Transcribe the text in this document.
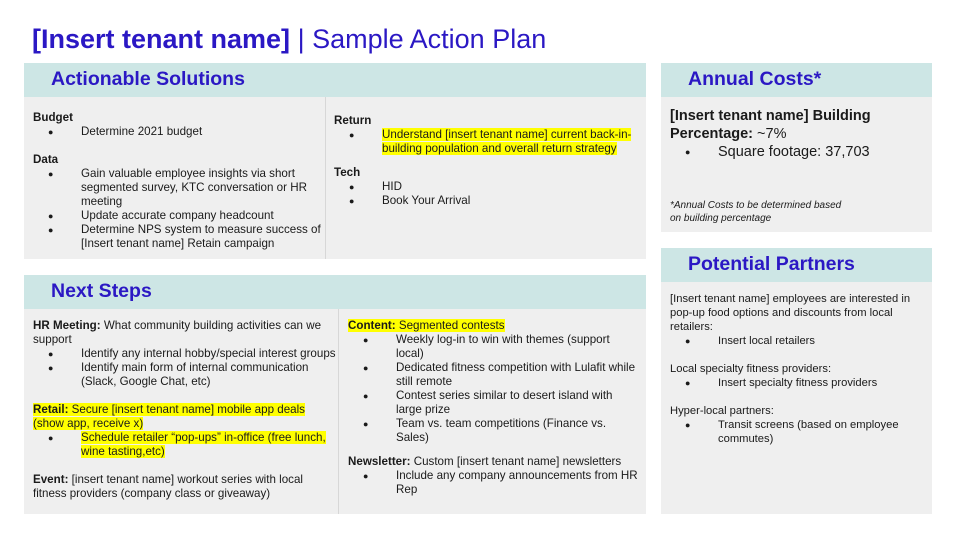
[Insert tenant name] | Sample Action Plan
Actionable Solutions
Budget
● Determine 2021 budget
Data
● Gain valuable employee insights via short segmented survey, KTC conversation or HR meeting
● Update accurate company headcount
● Determine NPS system to measure success of [Insert tenant name] Retain campaign
Return
● Understand [insert tenant name] current back-in-building population and overall return strategy
Tech
● HID
● Book Your Arrival
Next Steps
HR Meeting: What community building activities can we support
● Identify any internal hobby/special interest groups
● Identify main form of internal communication (Slack, Google Chat, etc)
Retail: Secure [insert tenant name] mobile app deals (show app, receive x)
● Schedule retailer “pop-ups” in-office (free lunch, wine tasting,etc)
Event: [insert tenant name] workout series with local fitness providers (company class or giveaway)
Content: Segmented contests
● Weekly log-in to win with themes (support local)
● Dedicated fitness competition with Lulafit while still remote
● Contest series similar to desert island with large prize
● Team vs. team competitions (Finance vs. Sales)
Newsletter: Custom [insert tenant name] newsletters
● Include any company announcements from HR Rep
Annual Costs*
[Insert tenant name] Building
Percentage: ~7%
● Square footage: 37,703
*Annual Costs to be determined based on building percentage
Potential Partners
[Insert tenant name] employees are interested in pop-up food options and discounts from local retailers:
● Insert local retailers
Local specialty fitness providers:
● Insert specialty fitness providers
Hyper-local partners:
● Transit screens (based on employee commutes)
